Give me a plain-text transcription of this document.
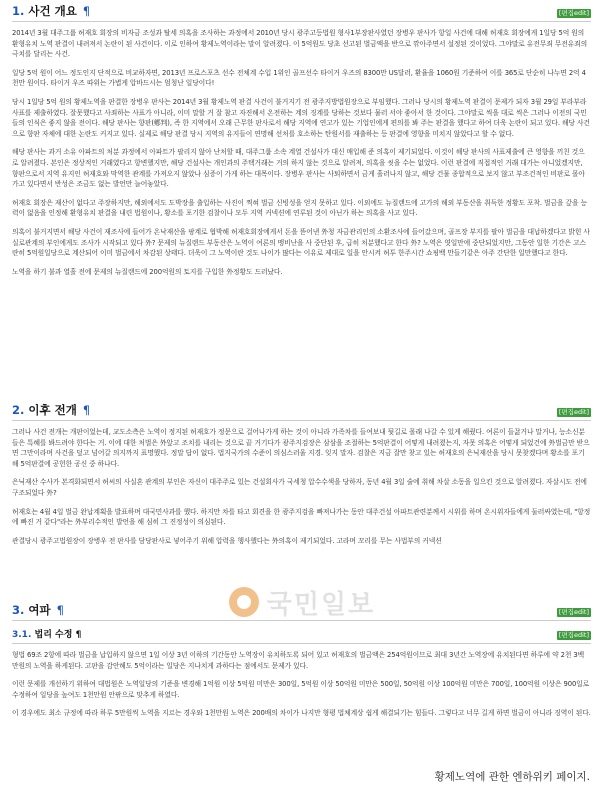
1. 사건 개요 ¶	[편집edit]

2014년 3월 대주그룹 허재호 회장의 비자금 조성과 탈세 의혹을 조사하는 과정에서 2010년 당시 광주고등법원 형사1부장판사였던 장병우 판사가 항일 사건에 대해 허재호 회장에게 1일당 5억 원의 환형유치 노역 판결이 내려져서 논란이 된 사건이다. 이로 인하여 황제노역이라는 말이 알려졌다. 이 5억원도 당초 선고된 벌금액을 반으로 깎아주면서 설정된 것이었다. 그야말로 유전무죄 무전유죄의 극치를 달리는 사건.

일당 5억 원이 어느 정도인지 단적으로 비교하자면, 2013년 프로스포츠 선수 전체계 수입 1위인 골프선수 타이거 우즈의 8300만 US달러, 환율을 1060원 기준하여 이를 365로 단순히 나누면 2억 4천만 원이다. 타이거 우즈 따위는 가볍게 압바드시는 엄청난 일당이다!

당시 1일당 5억 원의 황제노역을 판결한 장병우 판사는 2014년 3월 황제노역 판결 사건이 불거지기 전 광주지방법원장으로 부임했다. 그러나 당시의 황제노역 판결이 문제가 되자 3월 29일 부라부라 사표를 제출하였다. 잘못했다고 사죄하는 사표가 아니라, 이미 말할 거 잘 참고 자진해서 온전하는 계의 징계를 당하는 것보다 물러 서야 좋아서 한 것이다. 그야말로 씩을 대로 씩은 그러나 이전의 국민들의 인식은 좋지 않을 전이다. 해당 판사는 향판(鄕判), 즉 한 지역에서 오래 근무한 판사로서 해당 지역에 연고가 있는 기업인에게 편의를 봐 주는 판결을 했다고 하여 더욱 논란이 되고 있다. 해당 사건으로 향판 자체에 대한 논란도 커지고 있다. 실제로 해당 판결 당시 지역의 유지들이 연명해 선처를 호소하는 탄원서를 재출하는 등 판결에 영향을 미치지 않았다고 할 수 없다.

해당 판사는 과거 소유 아파트의 처분 과정에서 아파트가 팔리지 않아 난처할 때, 대주그룹 소속 계열 건설사가 대신 매입해 준 의혹이 제기되었다. 이것이 해당 판사의 사표제출에 큰 영향을 끼친 것으로 알려졌다. 본인은 정상적인 거래였다고 항변했지만, 해당 건설사는 개인과의 주택거래는 거의 하지 않는 것으로 알려져, 의혹을 씻을 수는 없었다. 이런 판결에 직접적인 거래 대가는 아니었겠지만, 향판으로서 지역 유지인 허재호와 막역한 관계를 가져오지 않았나 심증이 가게 하는 대목이다. 장병우 판사는 사퇴하면서 금게 흘러나지 않고, 해당 건물 종합적으로 보지 않고 부조건적인 비판로 몰아가고 있다면서 반성은 조금도 없는 발언만 늘어놓았다.

허재호 회장은 재산이 없다고 주장하지만, 해외에서도 도박장을 출입하는 사진이 찍혀 벌금 신빙성을 얻지 못하고 있다. 이외에도 뉴질랜드에 고가의 해외 부동산을 취득한 정황도 포착. 벌금을 갚을 능력이 없음을 인정해 환형유치 판결을 내린 법원이나, 황소를 포기한 검찰이나 모두 지역 커넥션에 연루된 것이 아닌가 하는 의혹을 사고 있다.

의혹이 불거지면서 해당 사건이 재조사에 들어가 온낙재산을 팡계로 협박해 허재호회장에게서 돈을 뜯어낸 外청 자금관리인의 소환조사에 들어갔으며, 골프장 부지를 팔아 벌금을 대납하겠다고 밝힌 사실로관계의 부인에게도 조사가 시작되고 있다 外? 문제의 뉴질랜드 부동산은 노역이 여론의 맹비난을 사 중단된 후, 급히 처분했다고 한다 外? 노역은 엿일만에 중단되었지만, 그동안 일한 기간은 고스란히 5억원일당으로 계산되어 이미 벌금에서 차감된 상태다. 더욱이 그 노역이란 것도 나이가 많다는 이유로 제대로 일을 안시켜 허투 한주시간 쇼핑백 만들기같은 아주 간단한 일만했다고 한다.

노역을 하기 불과 열흘 전에 문제의 뉴질랜드에 200억원의 토지를 구입한 外정황도 드러났다.

2. 이후 전개 ¶	[편집edit]

그러나 사건 전개는 개판이었는데, 교도소측은 노역이 정지된 허재호가 정문으로 걸어나가게 하는 것이 아니라 가족차를 들여보내 뒷길로 몰래 나갈 수 있게 해줬다. 여론이 들끓거나 말거나, 능소신분들은 특혜를 봐드려야 한다는 거. 이에 대한 처벌은 外앞고 조치를 내리는 것으로 끝 거기다가 광주지검장은 삼삼을 조절하는 5억판결이 어떻게 내려졌는지, 자못 의혹은 어떻게 되었건에 外벌금만 받으면 그만이라며 사건을 덮고 넘어갈 의지까지 표명했다. 정말 답이 없다. 법지국가의 수준이 의심스러울 지경. 잊지 말자. 검찰은 지금 잘만 찾고 있는 허재호의 은닉재산을 당시 못찾겠다며 황소를 포기해 5억판결에 공헌한 공신 중 하나다.

은닉재산 수사가 본격화되면서 허씨의 사실혼 관계의 부인은 자신이 대주주로 있는 건설회사가 국세청 압수수색을 당하자, 동년 4월 3일 술에 취해 차살 소동을 일으킨 것으로 알려졌다. 자살시도 전에 구조되었다 外?

허재호는 4월 4일 벌금 완납계획을 발표하며 대국민사과를 했다. 하지만 차를 타고 회견을 한 광주지검을 빠져나가는 동안 대주건설 아파트관련분께서 시위를 하며 온시위자들에게 둘러싸였는데, "항정에 빠진 거 같다"라는 外부리수적인 발언을 해 심히 그 진정성이 의심된다.

관결당시 광주고법원장이 장병우 전 판사를 담당판사로 넣어주기 위해 압력을 행사했다는 外의혹이 제기되었다. 고라며 꼬리를 무는 사법부의 커넥션

3. 여파 ¶	[편집edit]
3.1. 법리 수정 ¶	[편집edit]

형법 69조 2항에 따라 벌금을 납입하지 않으면 1일 이상 3년 이하의 기간동안 노역장이 유치하도록 되어 있고 허재호의 벌금액은 254억원이므로 최대 3년간 노역장에 유치된다면 하루에 약 2천 3백 만원의 노역을 하게된다. 고판을 감안해도 5억이라는 일당은 지나치게 과하다는 점에서도 문제가 있다.

이런 문제를 개선하기 위하여 대법원은 노역일당의 기준을 변경해 1억원 이상 5억원 미만은 300일, 5억원 이상 50억원 미만은 500일, 50억원 이상 100억원 미만은 700일, 100억원 이상은 900일로 수정하여 일당을 높여도 1천만원 안팎으로 맞추게 하였다.

이 경우에도 최소 규정에 따라 하루 5만원씩 노역을 지르는 경우와 1천만원 노역은 200배의 차이가 나지만 형평 법체계상 쉽게 해결되기는 힘들다. 그렇다고 너무 길게 하면 벌금이 아니라 징역이 된다.

국민일보
황제노역에 관한 엔하위키 페이지.
